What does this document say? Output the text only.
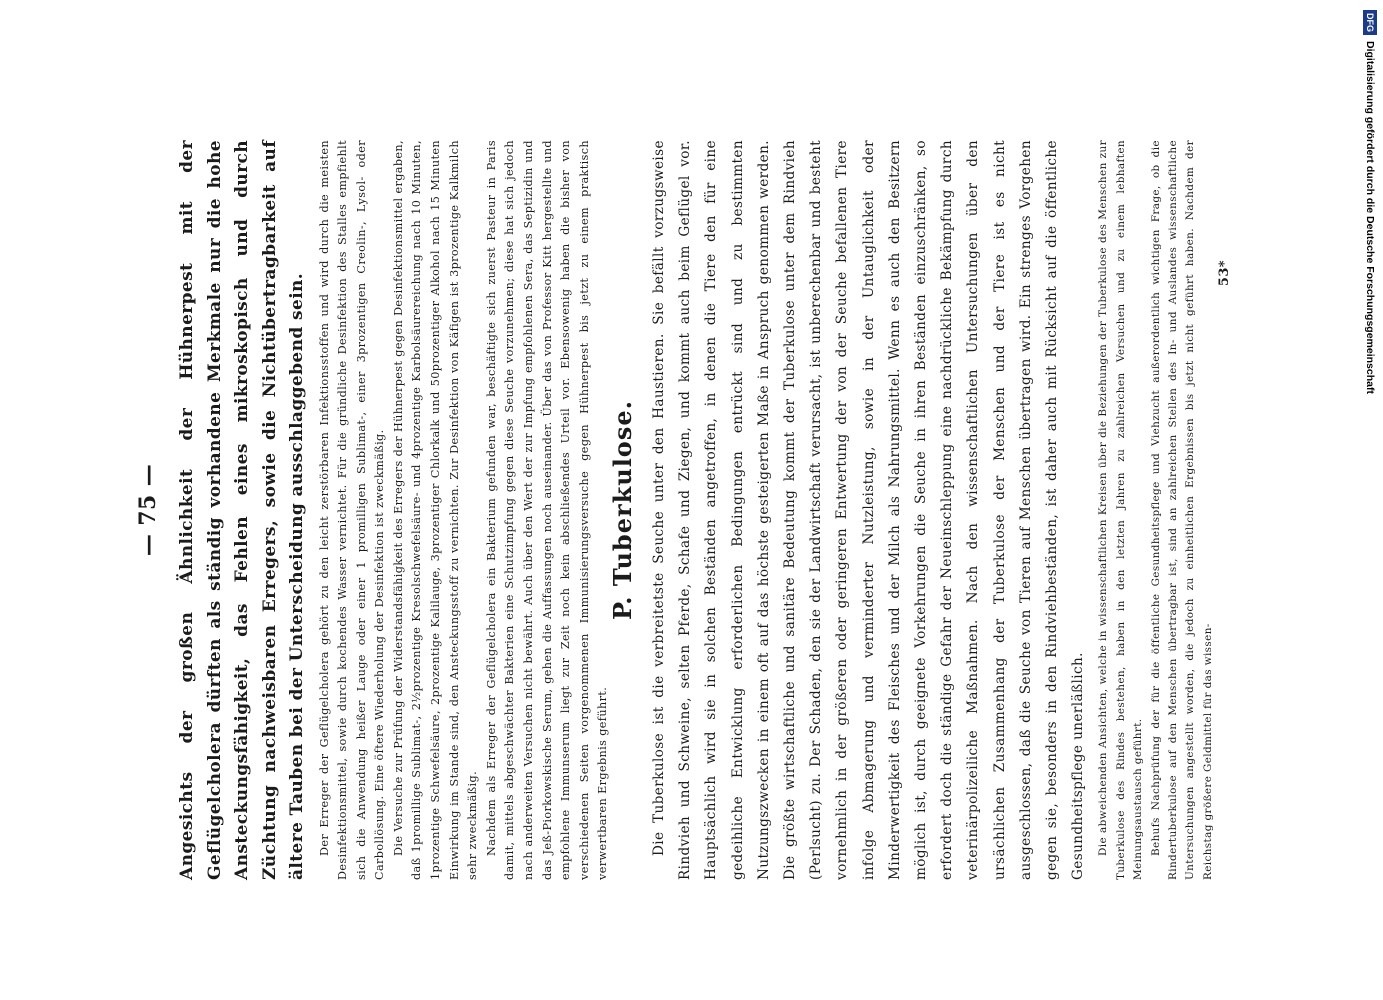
— 75 — Angesichts der großen Ähnlichkeit der Hühnerpest mit der Geflügelcholera dürften als ständig vorhandene Merkmale nur die hohe Ansteckungsfähigkeit, das Fehlen eines mikroskopisch und durch Züchtung nachweisbaren Erregers, sowie die Nichtübertragbarkeit auf ältere Tauben bei der Unterscheidung ausschlaggebend sein. Der Erreger der Geflügelcholera gehört zu den leicht zerstörbaren Infektionsstoffen und wird durch die meisten Desinfektionsmittel, sowie durch kochendes Wasser vernichtet. Für die gründliche Desinfektion des Stalles empfiehlt sich die Anwendung heißer Lauge oder einer 1 promilligen Sublimat-, einer 3prozentigen Creolin-, Lysol- oder Carbollösung. Eine öftere Wiederholung der Desinfektion ist zweckmäßig. Die Versuche zur Prüfung der Widerstandsfähigkeit des Erregers der Hühnerpest gegen Desinfektionsmittel ergaben, daß 1promillige Sublimat-, 2½prozentige Kresolschwefelsäure- und 4prozentige Karbolsäurereichung nach 10 Minuten, 1prozentige Schwefelsäure, 2prozentige Kalilauge, 3prozentiger Chlorkalk und 50prozentiger Alkohol nach 15 Minuten Einwirkung im Stande sind, den Ansteckungsstoff zu vernichten. Zur Desinfektion von Käfigen ist 3prozentige Kalkmilch sehr zweckmäßig. Nachdem als Erreger der Geflügelcholera ein Bakterium gefunden war, beschäftigte sich zuerst Pasteur in Paris damit, mittels abgeschwächter Bakterien eine Schutzimpfung gegen diese Seuche vorzunehmen; diese hat sich jedoch nach anderweiten Versuchen nicht bewährt. Auch über den Wert der zur Impfung empfohlenen Sera, das Septizidin und das Jeß-Piorkowskische Serum, gehen die Auffassungen noch auseinander. Über das von Professor Kitt hergestellte und empfohlene Immunserum liegt zur Zeit noch kein abschließendes Urteil vor. Ebensowenig haben die bisher von verschiedenen Seiten vorgenommenen Immunisierungsversuche gegen Hühnerpest bis jetzt zu einem praktisch verwertbaren Ergebnis geführt.

P. Tuberkulose.	Die Tuberkulose ist die verbreitetste Seuche unter den Haustieren. Sie befällt vorzugsweise Rindvieh und Schweine, selten Pferde, Schafe und Ziegen, und kommt auch beim Geflügel vor. Hauptsächlich wird sie in solchen Beständen angetroffen, in denen die Tiere den für eine gedeihliche Entwicklung erforderlichen Bedingungen entrückt sind und zu bestimmten Nutzungszwecken in einem oft auf das höchste gesteigerten Maße in Anspruch genommen werden. Die größte wirtschaftliche und sanitäre Bedeutung kommt der Tuberkulose unter dem Rindvieh (Perlsucht) zu. Der Schaden, den sie der Landwirtschaft verursacht, ist unberechenbar und besteht vornehmlich in der größeren oder geringeren Entwertung der von der Seuche befallenen Tiere infolge Abmagerung und verminderter Nutzleistung, sowie in der Untauglichkeit oder Minderwertigkeit des Fleisches und der Milch als Nahrungsmittel. Wenn es auch den Besitzern möglich ist, durch geeignete Vorkehrungen die Seuche in ihren Beständen einzuschränken, so erfordert doch die ständige Gefahr der Neueinschleppung eine nachdrückliche Bekämpfung durch veterinärpolizeiliche Maßnahmen. Nach den wissenschaftlichen Untersuchungen über den ursächlichen Zusammenhang der Tuberkulose der Menschen und der Tiere ist es nicht ausgeschlossen, daß die Seuche von Tieren auf Menschen übertragen wird. Ein strenges Vorgehen gegen sie, besonders in den Rindviehbeständen, ist daher auch mit Rücksicht auf die öffentliche Gesundheitspflege unerläßlich.	Die abweichenden Ansichten, welche in wissenschaftlichen Kreisen über die Beziehungen der Tuberkulose des Menschen zur Tuberkulose des Rindes bestehen, haben in den letzten Jahren zu zahlreichen Versuchen und zu einem lebhaften Meinungsaustausch geführt. Behufs Nachprüfung der für die öffentliche Gesundheitspflege und Viehzucht außerordentlich wichtigen Frage, ob die Rindertuberkulose auf den Menschen übertragbar ist, sind an zahlreichen Stellen des In- und Auslandes wissenschaftliche Untersuchungen angestellt worden, die jedoch zu einheitlichen Ergebnissen bis jetzt nicht geführt haben. Nachdem der Reichstag größere Geldmittel für das wissen-

53*

DFGDigitalisierung gefördert durch die Deutsche Forschungsgemeinschaft
